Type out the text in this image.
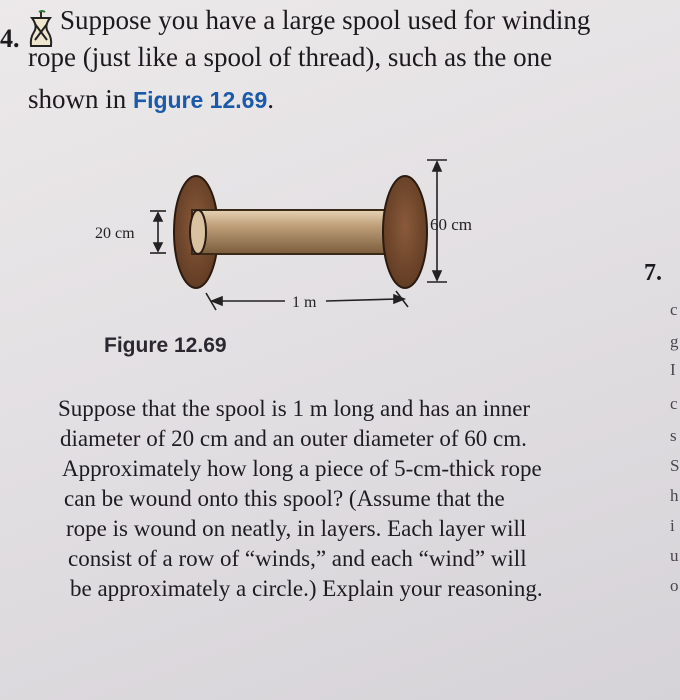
4.
Suppose you have a large spool used for winding
rope (just like a spool of thread), such as the one
shown in Figure 12.69.
20 cm	60 cm
1 m
Figure 12.69
Suppose that the spool is 1 m long and has an inner
diameter of 20 cm and an outer diameter of 60 cm.
Approximately how long a piece of 5-cm-thick rope
can be wound onto this spool? (Assume that the
rope is wound on neatly, in layers. Each layer will
consist of a row of “winds,” and each “wind” will
be approximately a circle.) Explain your reasoning.
7.
c
g
I
c
s
S
h
i
u
o
